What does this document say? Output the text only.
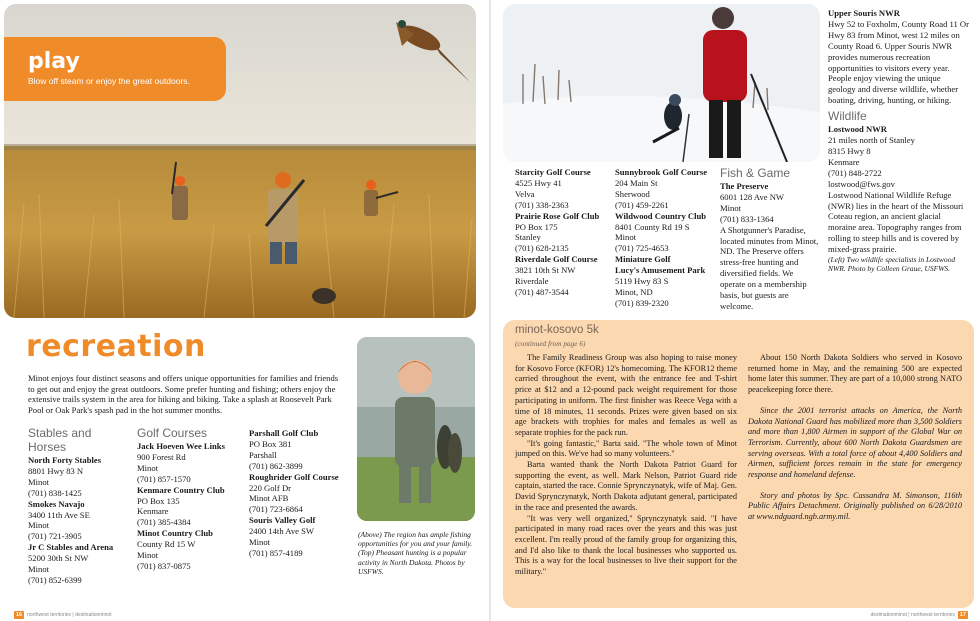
play
Blow off steam or enjoy the great outdoors.
recreation
Minot enjoys four distinct seasons and offers unique opportunities for families and friends to get out and enjoy the great outdoors. Some prefer hunting and fishing; others enjoy the extensive trails system in the area for hiking and biking. Take a splash at Roosevelt Park Pool or Oak Park's spash pad in the hot summer months.
Stables and Horses
North Forty Stables
8801 Hwy 83 N
Minot
(701) 838-1425
Smokes Navajo
3400 11th Ave SE
Minot
(701) 721-3905
Jr C Stables and Arena
5200 30th St NW
Minot
(701) 852-6399
Golf Courses
Jack Hoeven Wee Links
900 Forest Rd
Minot
(701) 857-1570
Kenmare Country Club
PO Box 135
Kenmare
(701) 385-4384
Minot Country Club
County Rd 15 W
Minot
(701) 837-0875
Parshall Golf Club
PO Box 381
Parshall
(701) 862-3899
Roughrider Golf Course
220 Golf Dr
Minot AFB
(701) 723-6864
Souris Valley Golf
2400 14th Ave SW
Minot
(701) 857-4189
(Above) The region has ample fishing opportunities for you and your family. (Top) Pheasant hunting is a popular activity in North Dakota. Photos by USFWS.
16	northwest territories | destinationminot
Starcity Golf Course
4525 Hwy 41
Velva
(701) 338-2363
Prairie Rose Golf Club
PO Box 175
Stanley
(701) 628-2135
Riverdale Golf Course
3821 10th St NW
Riverdale
(701) 487-3544
Sunnybrook Golf Course
204 Main St
Sherwood
(701) 459-2261
Wildwood Country Club
8401 County Rd 19 S
Minot
(701) 725-4653
Miniature Golf
Lucy's Amusement Park
5119 Hwy 83 S
Minot, ND
(701) 839-2320
Fish & Game
The Preserve
6001 128 Ave NW
Minot
(701) 833-1364
A Shotgunner's Paradise, located minutes from Minot, ND. The Preserve offers stress-free hunting and diversified fields. We operate on a membership basis, but guests are welcome.
Upper Souris NWR
Hwy 52 to Foxholm, County Road 11 Or Hwy 83 from Minot, west 12 miles on County Road 6. Upper Souris NWR provides numerous recreation opportunities to visitors every year. People enjoy viewing the unique geology and diverse wildlife, whether boating, driving, hunting, or hiking.
Wildlife
Lostwood NWR
21 miles north of Stanley
8315 Hwy 8
Kenmare
(701) 848-2722
lostwood@fws.gov
Lostwood National Wildlife Refuge (NWR) lies in the heart of the Missouri Coteau region, an ancient glacial moraine area. Topography ranges from rolling to steep hills and is covered by mixed-grass prairie.
(Left) Two wildlife specialists in Lostwood NWR. Photo by Colleen Graue, USFWS.
minot-kosovo 5k
(continued from page 6)

The Family Readiness Group was also hoping to raise money for Kosovo Force (KFOR) 12's homecoming. The KFOR12 theme carried throughout the event, with the entrance fee and T-shirt price at $12 and a 12-pound pack weight requirement for those participating in uniform. The first finisher was Reece Vega with a time of 18 minutes, 11 seconds. Prizes were given based on six age brackets with trophies for males and females as well as separate trophies for the pack run.

"It's going fantastic," Barta said. "The whole town of Minot jumped on this. We've had so many volunteers."

Barta wanted thank the North Dakota Patriot Guard for supporting the event, as well. Mark Nelson, Patriot Guard ride captain, started the race. Connie Sprynczynatyk, wife of Maj. Gen. David Sprynczynatyk, North Dakota adjutant general, participated in the race and presented the awards.

"It was very well organized," Sprynczynatyk said. "I have participated in many road races over the years and this was just excellent. I'm really proud of the family group for organizing this, and I'd also like to thank the local businesses who supported us. This is a way for the local businesses to live their support for the military."

About 150 North Dakota Soldiers who served in Kosovo returned home in May, and the remaining 500 are expected home later this summer. They are part of a 10,000 strong NATO peacekeeping force there.

Since the 2001 terrorist attacks on America, the North Dakota National Guard has mobilized more than 3,500 Soldiers and more than 1,800 Airmen in support of the Global War on Terrorism. Currently, about 600 North Dakota Guardsmen are serving overseas. With a total force of about 4,400 Soldiers and Airmen, sufficient forces remain in the state for emergency response and homeland defense.

Story and photos by Spc. Cassandra M. Simonson, 116th Public Affairs Detachment. Originally published on 6/28/2010 at www.ndguard.ngb.army.mil.

destinationminot | northwest territories 17
